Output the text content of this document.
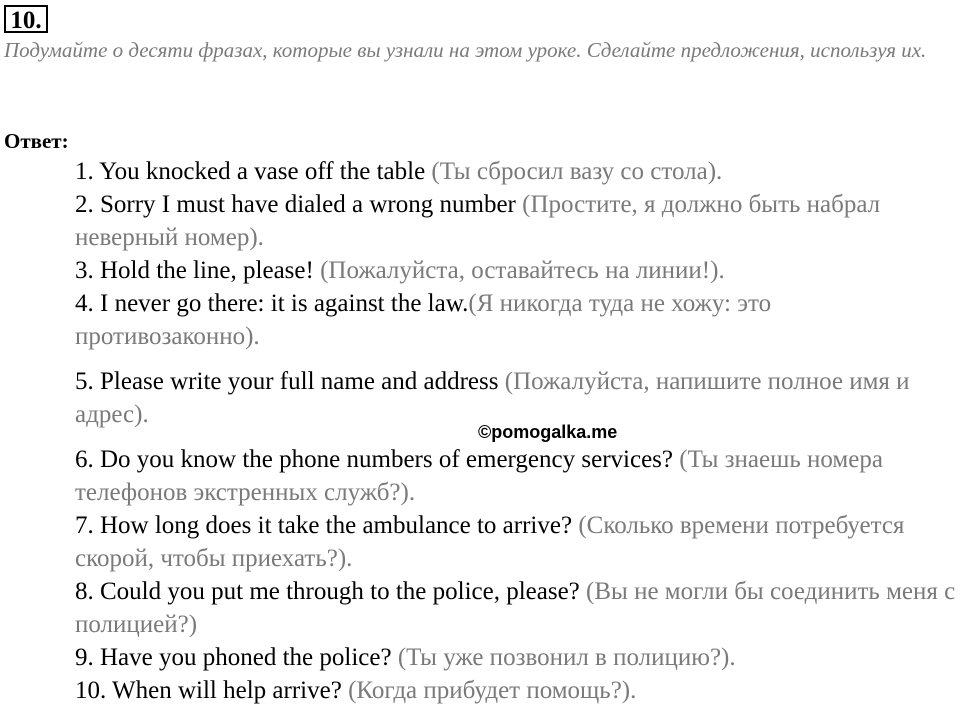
10.
Подумайте о десяти фразах, которые вы узнали на этом уроке. Сделайте предложения, используя их.
Ответ:
1. You knocked a vase off the table (Ты сбросил вазу со стола).
2. Sorry I must have dialed a wrong number (Простите, я должно быть набрал неверный номер).
3. Hold the line, please! (Пожалуйста, оставайтесь на линии!).
4. I never go there: it is against the law.(Я никогда туда не хожу: это противозаконно).
5. Please write your full name and address (Пожалуйста, напишите полное имя и адрес).
6. Do you know the phone numbers of emergency services? (Ты знаешь номера телефонов экстренных служб?).
7. How long does it take the ambulance to arrive? (Сколько времени потребуется скорой, чтобы приехать?).
8. Could you put me through to the police, please? (Вы не могли бы соединить меня с полицией?)
9. Have you phoned the police? (Ты уже позвонил в полицию?).
10. When will help arrive? (Когда прибудет помощь?).
©pomogalka.me
